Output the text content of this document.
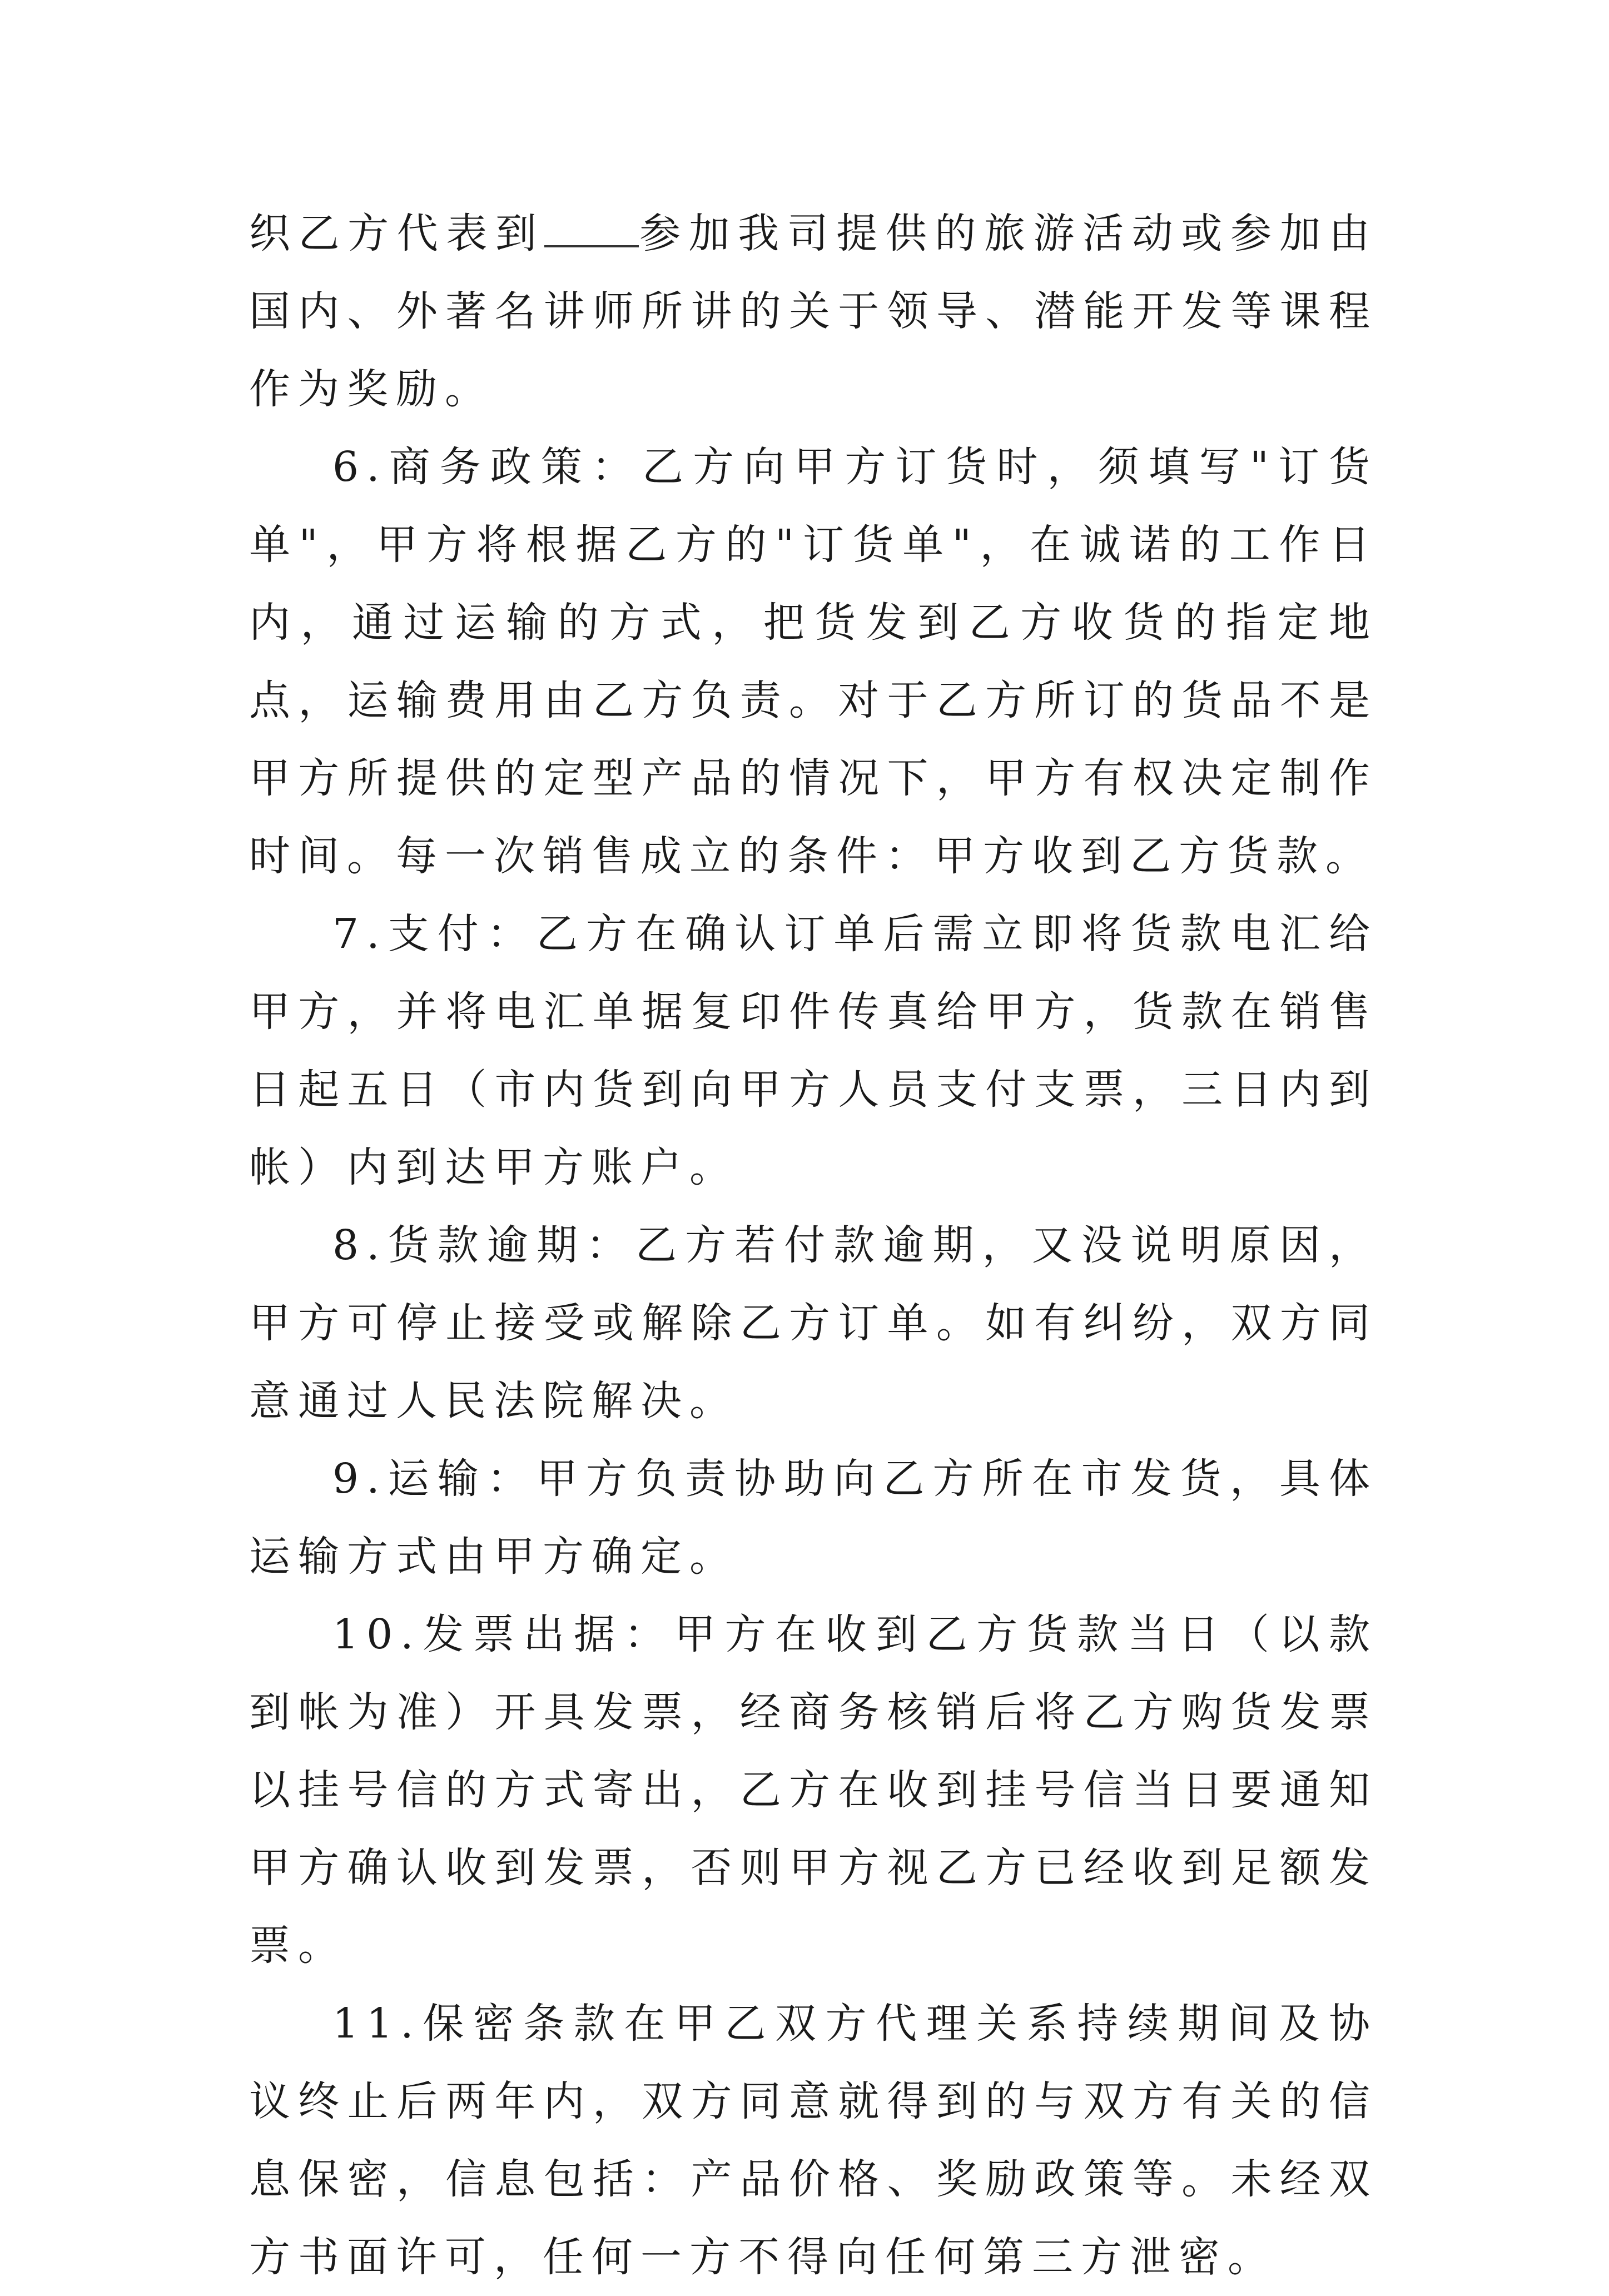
织乙方代表到 参加我司提供的旅游活动或参加由国内、外著名讲师所讲的关于领导、潜能开发等课程作为奖励。

6.商务政策：乙方向甲方订货时，须填写"订货单"，甲方将根据乙方的"订货单"，在诚诺的工作日内，通过运输的方式，把货发到乙方收货的指定地点，运输费用由乙方负责。对于乙方所订的货品不是甲方所提供的定型产品的情况下，甲方有权决定制作时间。每一次销售成立的条件：甲方收到乙方货款。

7.支付：乙方在确认订单后需立即将货款电汇给甲方，并将电汇单据复印件传真给甲方，货款在销售日起五日（市内货到向甲方人员支付支票，三日内到帐）内到达甲方账户。

8.货款逾期：乙方若付款逾期，又没说明原因，甲方可停止接受或解除乙方订单。如有纠纷，双方同意通过人民法院解决。

9.运输：甲方负责协助向乙方所在市发货，具体运输方式由甲方确定。

10.发票出据：甲方在收到乙方货款当日（以款到帐为准）开具发票，经商务核销后将乙方购货发票以挂号信的方式寄出，乙方在收到挂号信当日要通知甲方确认收到发票，否则甲方视乙方已经收到足额发票。

11.保密条款在甲乙双方代理关系持续期间及协议终止后两年内，双方同意就得到的与双方有关的信息保密，信息包括：产品价格、奖励政策等。未经双方书面许可，任何一方不得向任何第三方泄密。
